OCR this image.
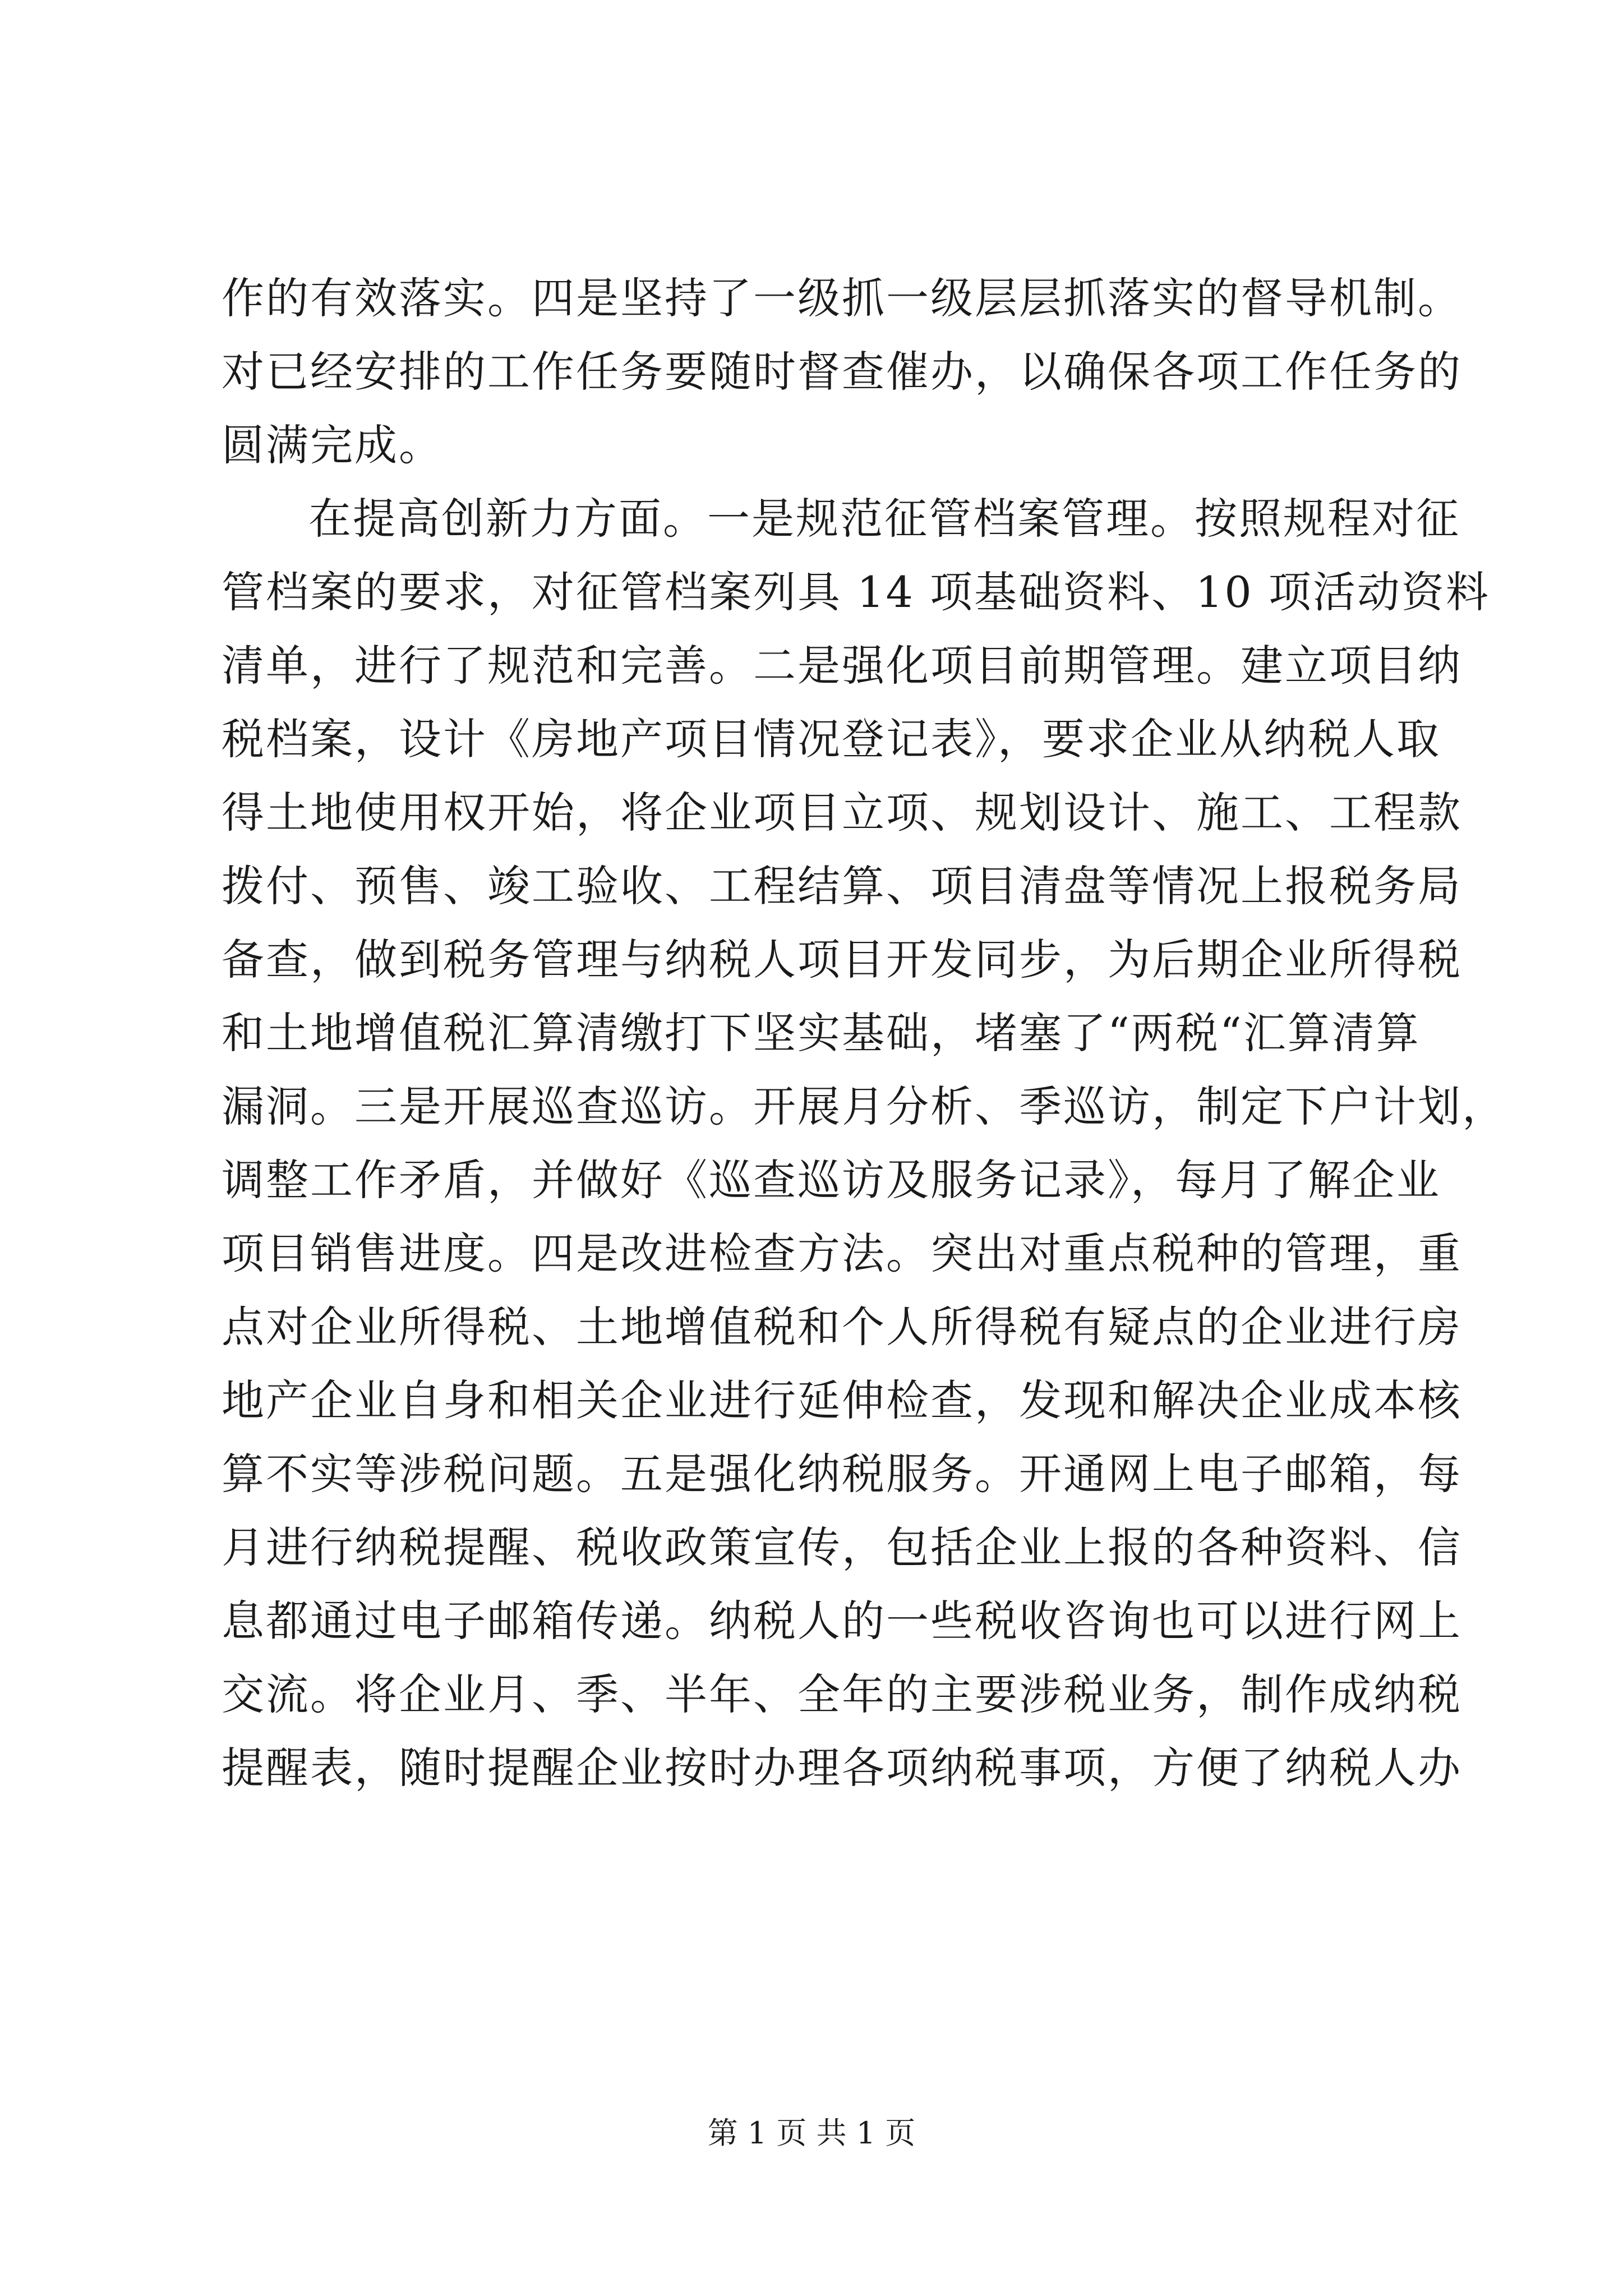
作的有效落实。四是坚持了一级抓一级层层抓落实的督导机制。
对已经安排的工作任务要随时督查催办，以确保各项工作任务的
圆满完成。
在提高创新力方面。一是规范征管档案管理。按照规程对征
管档案的要求，对征管档案列具 14 项基础资料、10 项活动资料
清单，进行了规范和完善。二是强化项目前期管理。建立项目纳
税档案，设计《房地产项目情况登记表》，要求企业从纳税人取
得土地使用权开始，将企业项目立项、规划设计、施工、工程款
拨付、预售、竣工验收、工程结算、项目清盘等情况上报税务局
备查，做到税务管理与纳税人项目开发同步，为后期企业所得税
和土地增值税汇算清缴打下坚实基础，堵塞了“两税“汇算清算
漏洞。三是开展巡查巡访。开展月分析、季巡访，制定下户计划，
调整工作矛盾，并做好《巡查巡访及服务记录》，每月了解企业
项目销售进度。四是改进检查方法。突出对重点税种的管理，重
点对企业所得税、土地增值税和个人所得税有疑点的企业进行房
地产企业自身和相关企业进行延伸检查，发现和解决企业成本核
算不实等涉税问题。五是强化纳税服务。开通网上电子邮箱，每
月进行纳税提醒、税收政策宣传，包括企业上报的各种资料、信
息都通过电子邮箱传递。纳税人的一些税收咨询也可以进行网上
交流。将企业月、季、半年、全年的主要涉税业务，制作成纳税
提醒表，随时提醒企业按时办理各项纳税事项，方便了纳税人办
第 1 页 共 1 页
